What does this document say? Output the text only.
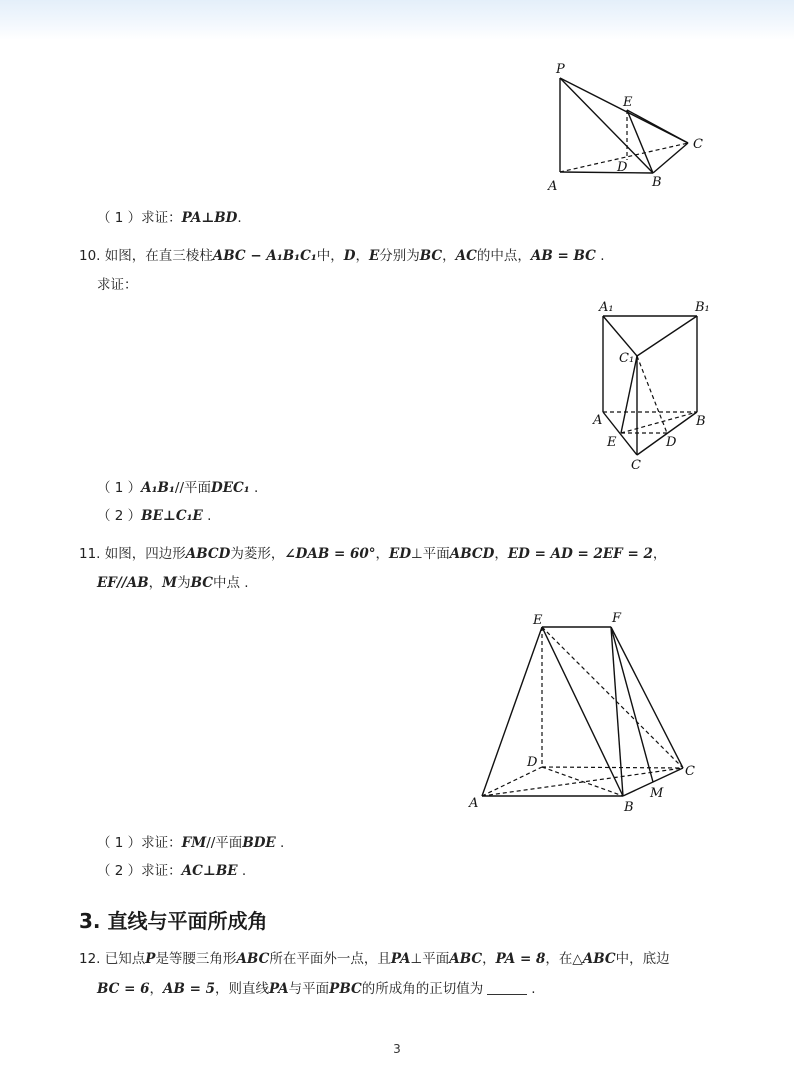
P
E
C
D
A	B
（ 1 ）求证：PA⊥BD.
10. 如图，在直三棱柱ABC − A₁B₁C₁中，D，E分别为BC，AC的中点，AB = BC .
求证：
A₁	B₁
C₁
A	B
E	D
C
（ 1 ）A₁B₁//平面DEC₁ .
（ 2 ）BE⊥C₁E .
11. 如图，四边形ABCD为菱形，∠DAB = 60°，ED⊥平面ABCD，ED = AD = 2EF = 2，
EF//AB，M为BC中点 .
E	F
D
C
A	B
M
（ 1 ）求证：FM//平面BDE .
（ 2 ）求证：AC⊥BE .
3. 直线与平面所成角
12. 已知点P是等腰三角形ABC所在平面外一点，且PA⊥平面ABC，PA = 8，在△ABC中，底边
BC = 6，AB = 5，则直线PA与平面PBC的所成角的正切值为	.
3
